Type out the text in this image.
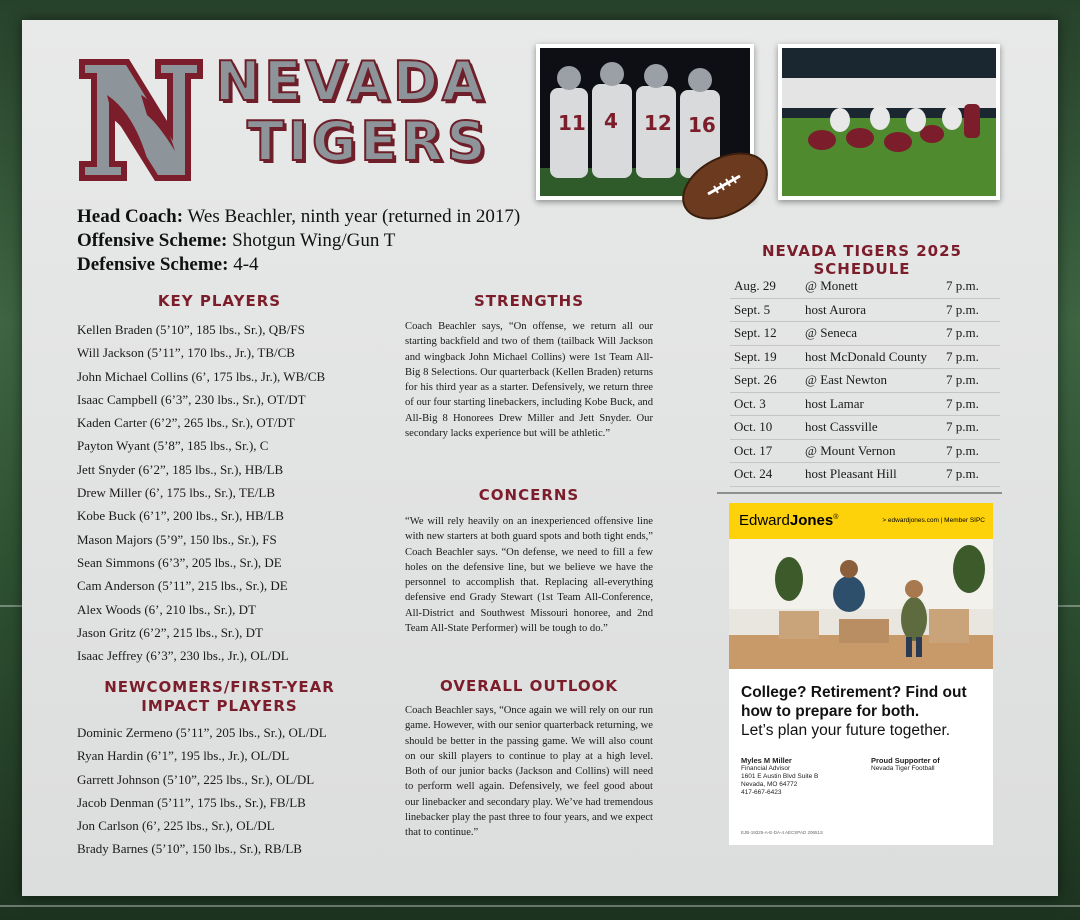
NEVADA
TIGERS	11 4 12 16
Head Coach: Wes Beachler, ninth year (returned in 2017)
Offensive Scheme: Shotgun Wing/Gun T
Defensive Scheme: 4-4
KEY PLAYERS
Kellen Braden (5’10”, 185 lbs., Sr.), QB/FS
Will Jackson (5’11”, 170 lbs., Jr.), TB/CB
John Michael Collins (6’, 175 lbs., Jr.), WB/CB
Isaac Campbell (6’3”, 230 lbs., Sr.), OT/DT
Kaden Carter (6’2”, 265 lbs., Sr.), OT/DT
Payton Wyant (5’8”, 185 lbs., Sr.), C
Jett Snyder (6’2”, 185 lbs., Sr.), HB/LB
Drew Miller (6’, 175 lbs., Sr.), TE/LB
Kobe Buck (6’1”, 200 lbs., Sr.), HB/LB
Mason Majors (5’9”, 150 lbs., Sr.), FS
Sean Simmons (6’3”, 205 lbs., Sr.), DE
Cam Anderson (5’11”, 215 lbs., Sr.), DE
Alex Woods (6’, 210 lbs., Sr.), DT
Jason Gritz (6’2”, 215 lbs., Sr.), DT
Isaac Jeffrey (6’3”, 230 lbs., Jr.), OL/DL
NEWCOMERS/FIRST-YEAR
IMPACT PLAYERS
Dominic Zermeno (5’11”, 205 lbs., Sr.), OL/DL
Ryan Hardin (6’1”, 195 lbs., Jr.), OL/DL
Garrett Johnson (5’10”, 225 lbs., Sr.), OL/DL
Jacob Denman (5’11”, 175 lbs., Sr.), FB/LB
Jon Carlson (6’, 225 lbs., Sr.), OL/DL
Brady Barnes (5’10”, 150 lbs., Sr.), RB/LB
STRENGTHS
Coach Beachler says, “On offense, we return all our starting backfield and two of them (tailback Will Jackson and wingback John Michael Collins) were 1st Team All-Big 8 Selections. Our quarterback (Kellen Braden) returns for his third year as a starter. Defensively, we return three of our four starting linebackers, including Kobe Buck, and All-Big 8 Honorees Drew Miller and Jett Snyder. Our secondary lacks experience but will be athletic.”
CONCERNS
“We will rely heavily on an inexperienced offensive line with new starters at both guard spots and both tight ends,” Coach Beachler says. “On defense, we need to fill a few holes on the defensive line, but we believe we have the personnel to accomplish that. Replacing all-everything defensive end Grady Stewart (1st Team All-Conference, All-District and Southwest Missouri honoree, and 2nd Team All-State Performer) will be tough to do.”
OVERALL OUTLOOK
Coach Beachler says, “Once again we will rely on our run game. However, with our senior quarterback returning, we should be better in the passing game. We will also count on our skill players to continue to play at a high level. Both of our junior backs (Jackson and Collins) will need to perform well again. Defensively, we feel good about our linebacker and secondary play. We’ve had tremendous linebacker play the past three to four years, and we expect that to continue.”
NEVADA TIGERS 2025 SCHEDULE
Aug. 29	@ Monett	7 p.m.
Sept. 5	host Aurora	7 p.m.
Sept. 12	@ Seneca	7 p.m.
Sept. 19	host McDonald County	7 p.m.
Sept. 26	@ East Newton	7 p.m.
Oct. 3	host Lamar	7 p.m.
Oct. 10	host Cassville	7 p.m.
Oct. 17	@ Mount Vernon	7 p.m.
Oct. 24	host Pleasant Hill	7 p.m.
EdwardJones®	> edwardjones.com | Member SIPC
College? Retirement? Find out
how to prepare for both.
Let’s plan your future together.
Myles M Miller
Financial Advisor
1601 E Austin Blvd Suite B
Nevada, MO 64772
417-667-6423
Proud Supporter of
Nevada Tiger Football
EJB-19325-A-E-DA-4 AECSPAD 20651S
